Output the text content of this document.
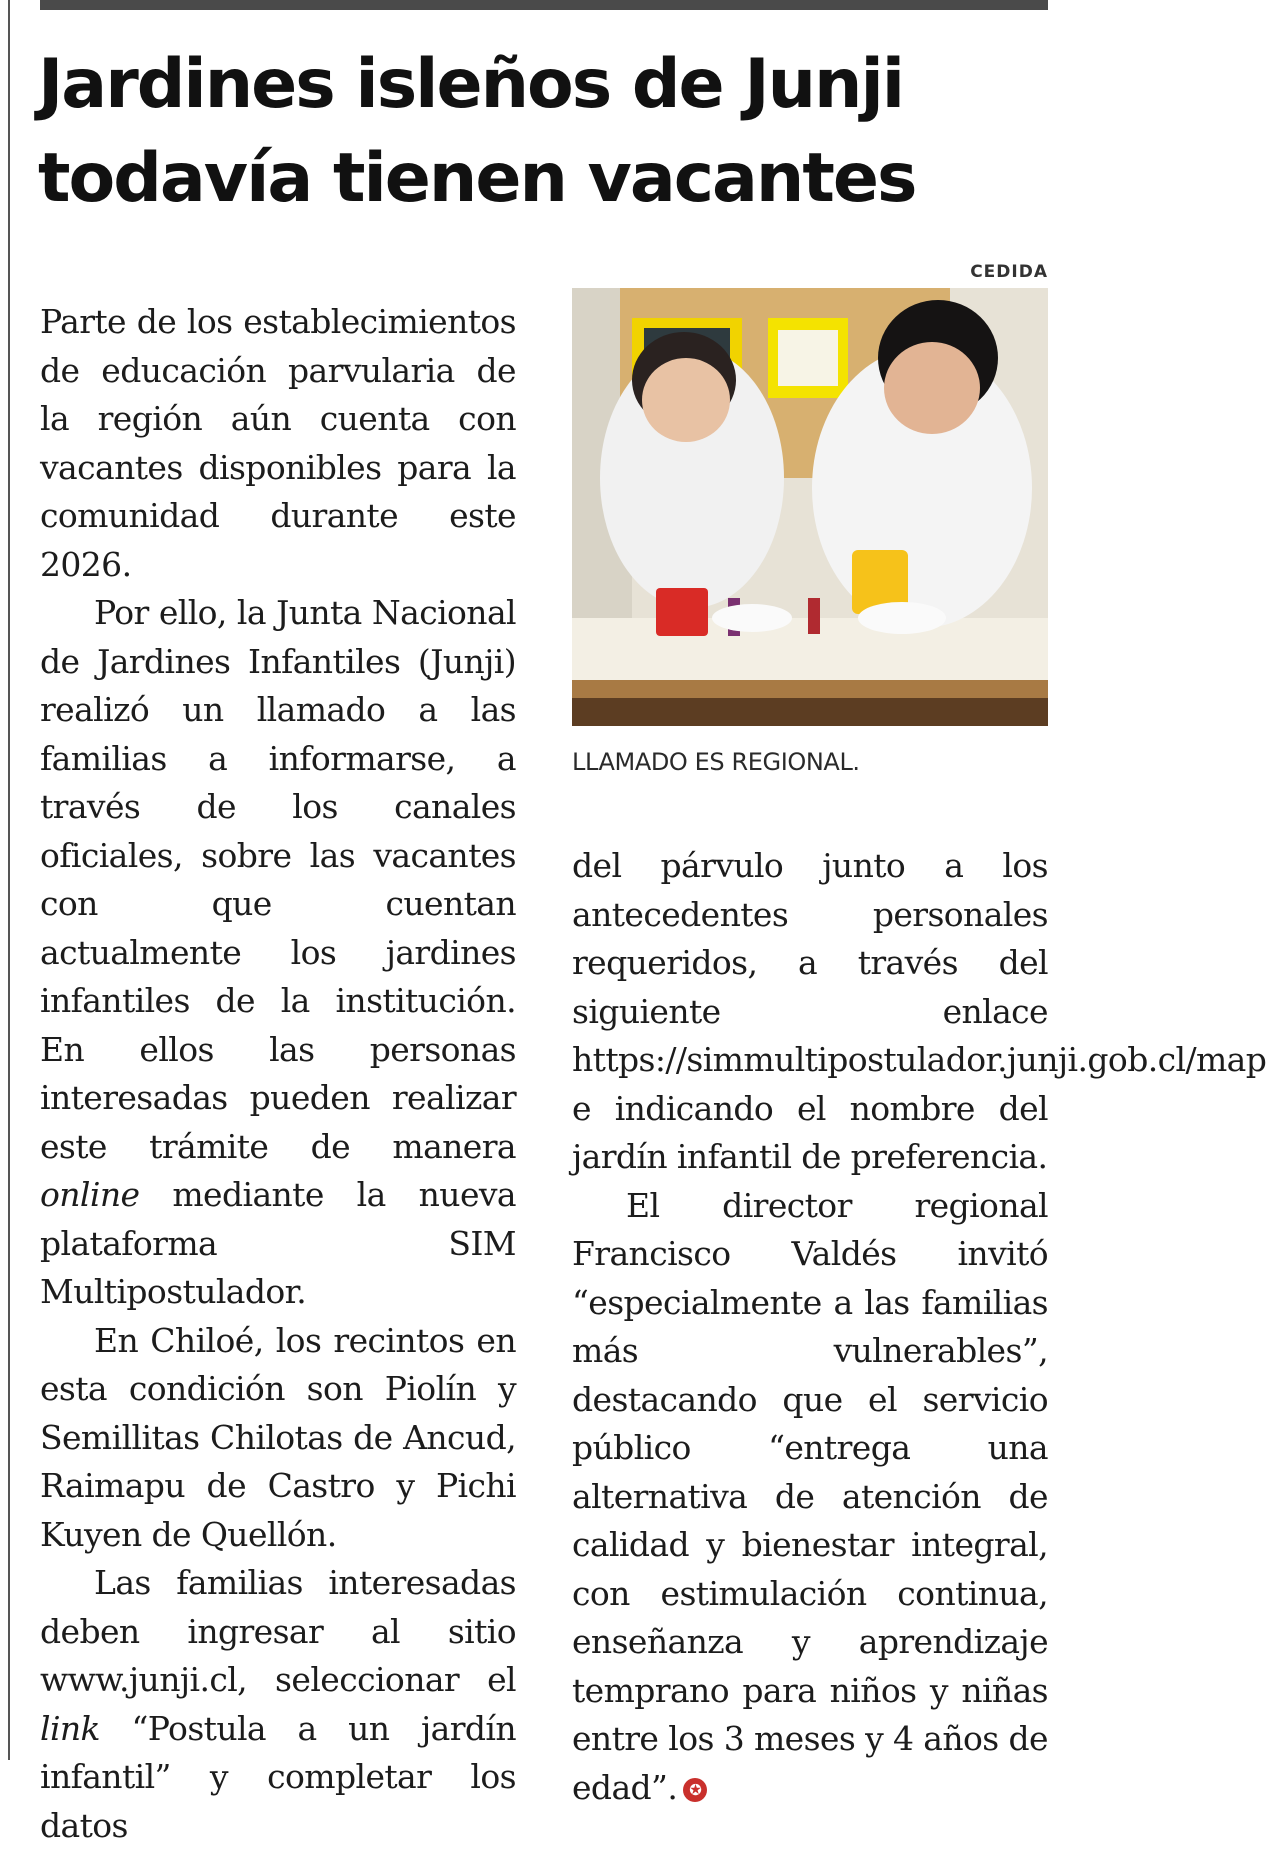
Jardines isleños de Junji
todavía tienen vacantes

Parte de los establecimientos de educación parvularia de la región aún cuenta con vacantes disponibles para la comunidad durante este 2026.

Por ello, la Junta Nacional de Jardines Infantiles (Junji) realizó un llamado a las familias a informarse, a través de los canales oficiales, sobre las vacantes con que cuentan actualmente los jardines infantiles de la institución. En ellos las personas interesadas pueden realizar este trámite de manera online mediante la nueva plataforma SIM Multipostulador.

En Chiloé, los recintos en esta condición son Piolín y Semillitas Chilotas de Ancud, Raimapu de Castro y Pichi Kuyen de Quellón.

Las familias interesadas deben ingresar al sitio www.junji.cl, seleccionar el link “Postula a un jardín infantil” y completar los datos

CEDIDA
LLAMADO ES REGIONAL.

del párvulo junto a los antecedentes personales requeridos, a través del siguiente enlace https://simmultipostulador.junji.gob.cl/map e indicando el nombre del jardín infantil de preferencia.

El director regional Francisco Valdés invitó “especialmente a las familias más vulnerables”, destacando que el servicio público “entrega una alternativa de atención de calidad y bienestar integral, con estimulación continua, enseñanza y aprendizaje temprano para niños y niñas entre los 3 meses y 4 años de edad”. ✪
